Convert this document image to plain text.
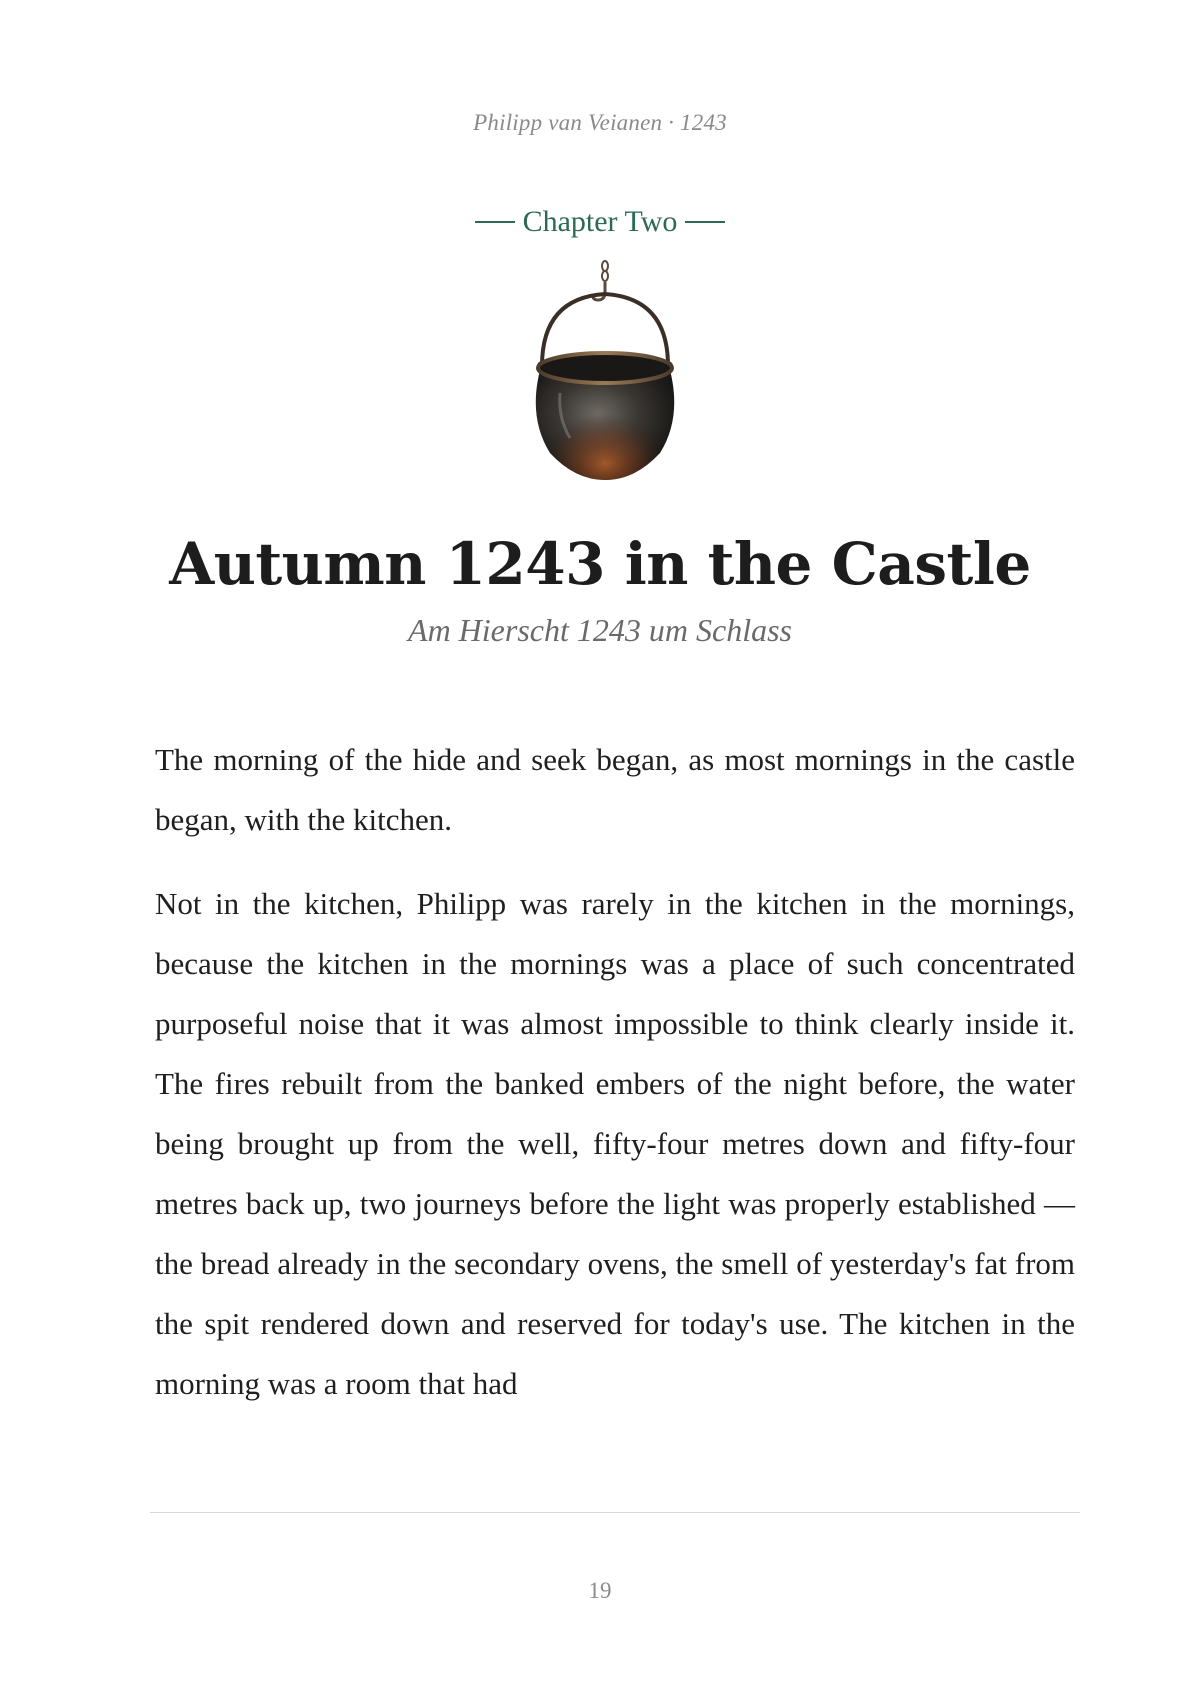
Philipp van Veianen · 1243
Chapter Two
Autumn 1243 in the Castle
Am Hierscht 1243 um Schlass

The morning of the hide and seek began, as most mornings in the castle began, with the kitchen.

Not in the kitchen, Philipp was rarely in the kitchen in the mornings, because the kitchen in the mornings was a place of such concentrated purposeful noise that it was almost impossible to think clearly inside it. The fires rebuilt from the banked embers of the night before, the water being brought up from the well, fifty-four metres down and fifty-four metres back up, two journeys before the light was properly established — the bread already in the secondary ovens, the smell of yesterday's fat from the spit rendered down and reserved for today's use. The kitchen in the morning was a room that had

19
